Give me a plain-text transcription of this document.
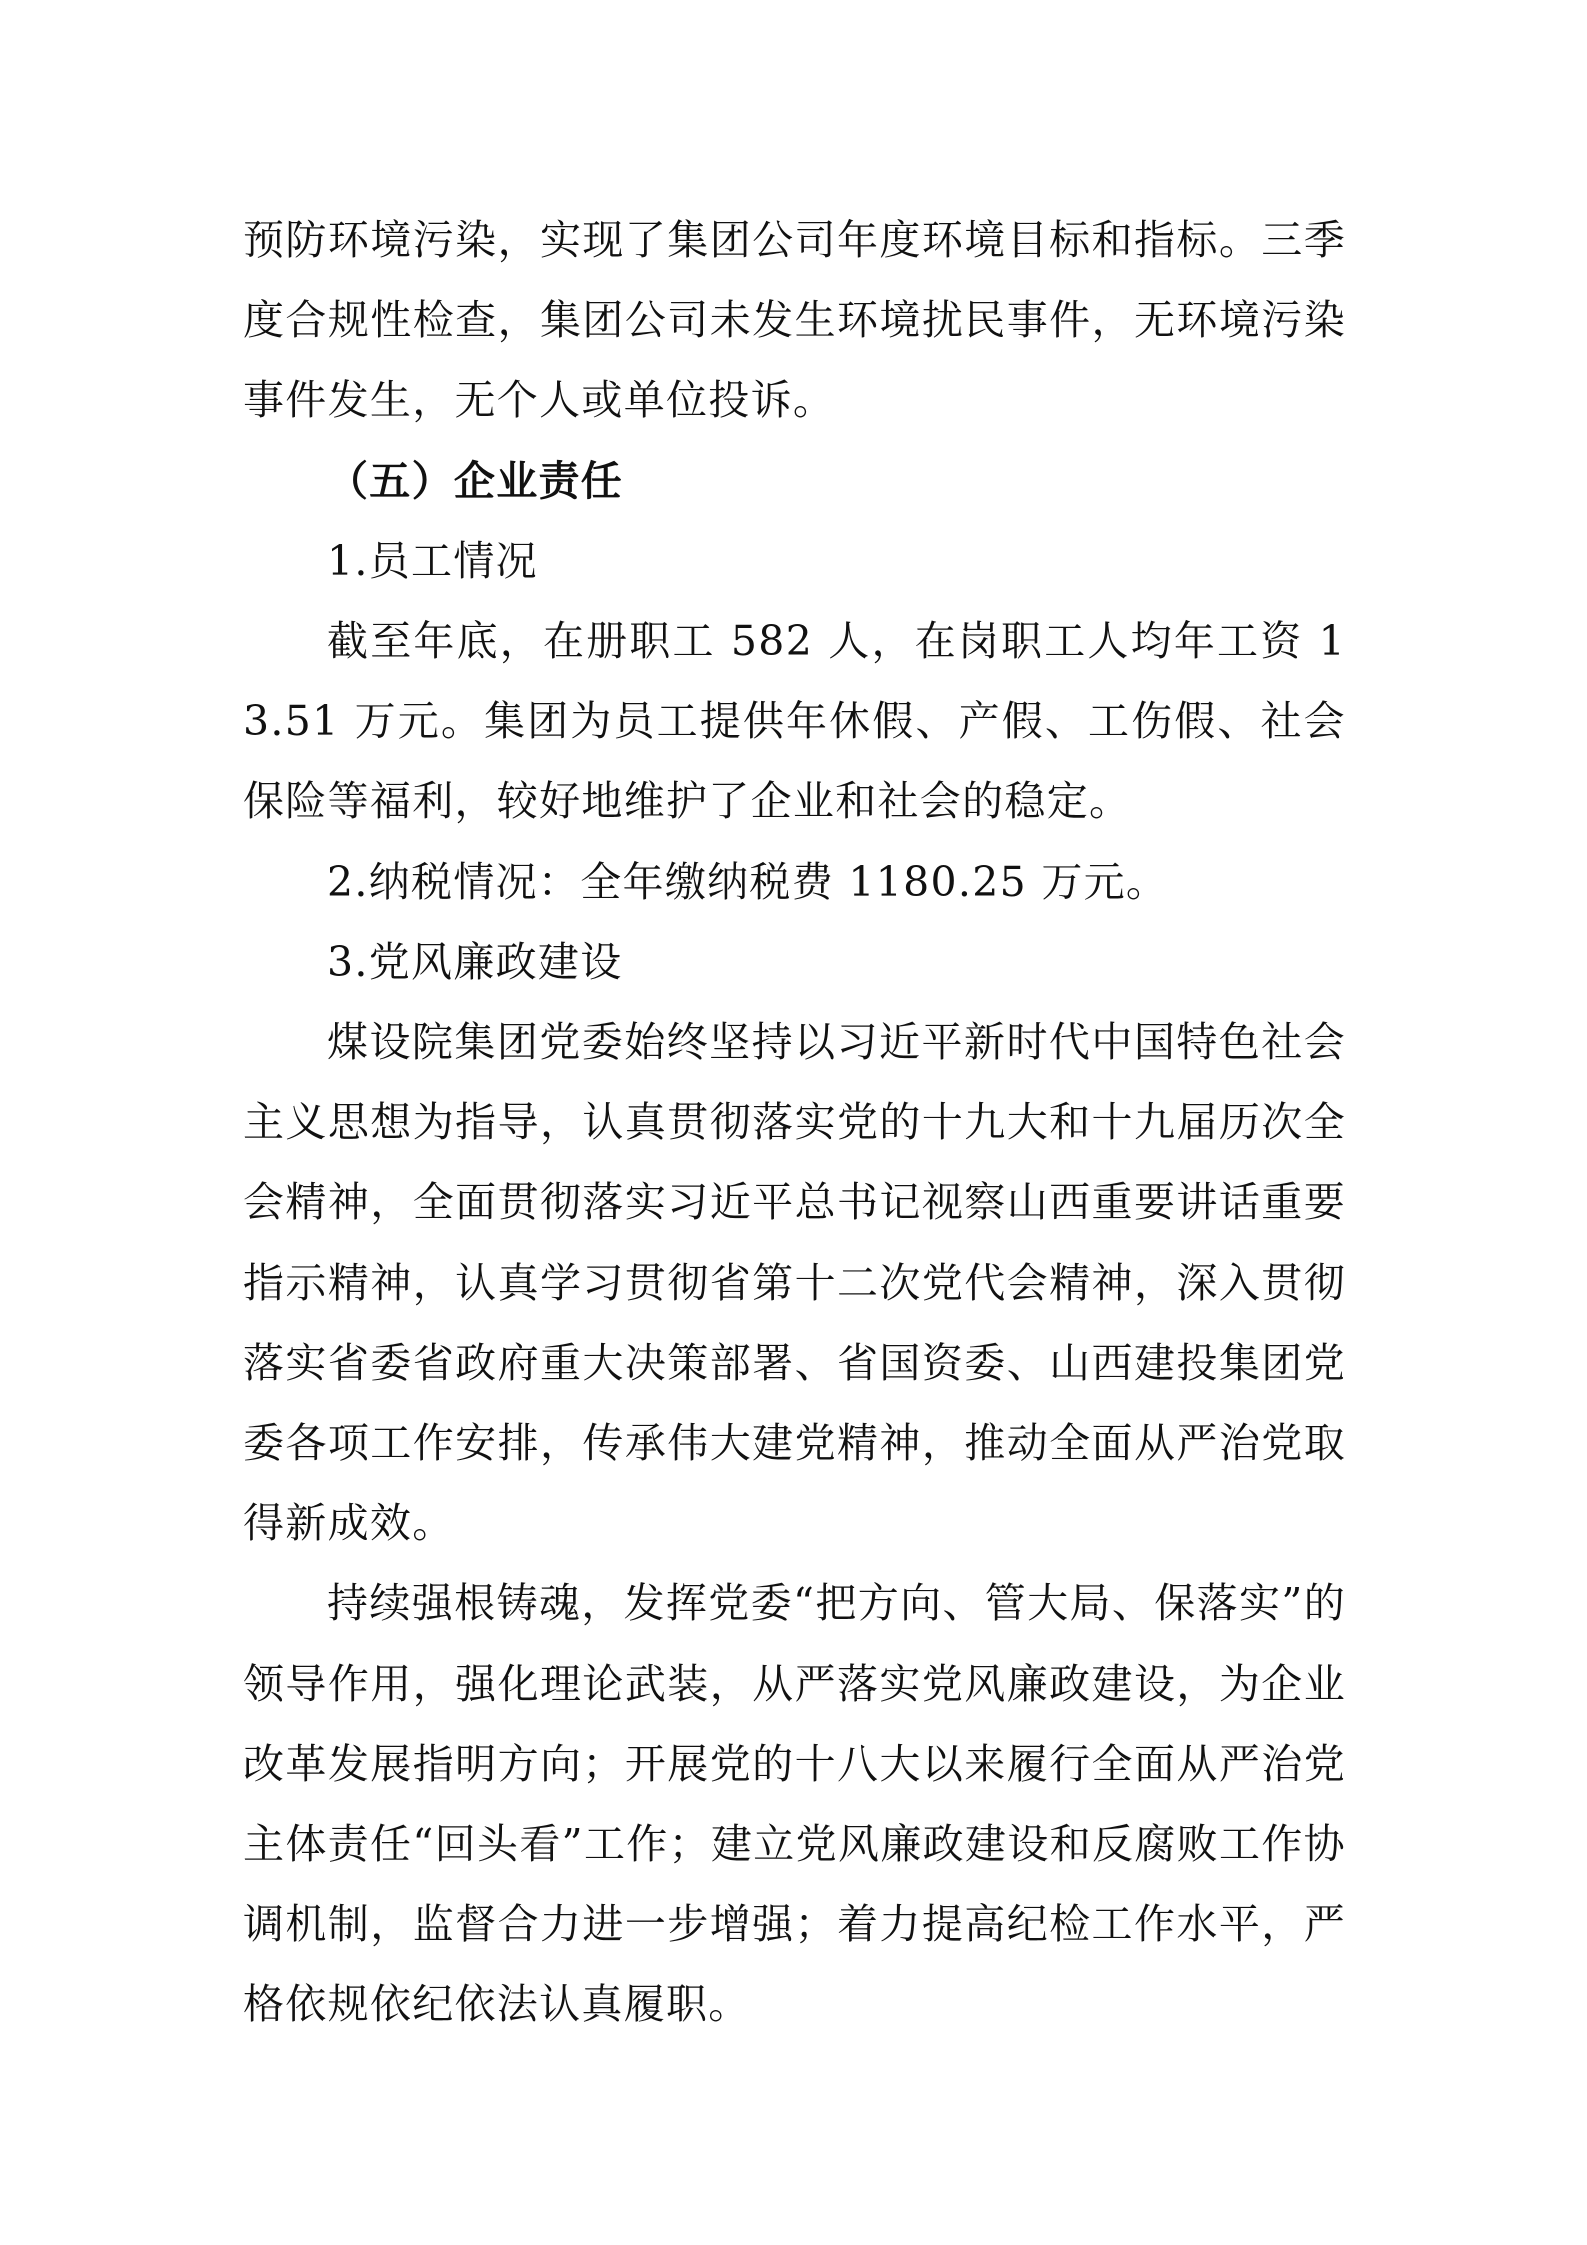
预防环境污染，实现了集团公司年度环境目标和指标。三季度合规性检查，集团公司未发生环境扰民事件，无环境污染事件发生，无个人或单位投诉。

（五）企业责任

1.员工情况

截至年底，在册职工 582 人，在岗职工人均年工资 13.51 万元。集团为员工提供年休假、产假、工伤假、社会保险等福利，较好地维护了企业和社会的稳定。

2.纳税情况：全年缴纳税费 1180.25 万元。

3.党风廉政建设

煤设院集团党委始终坚持以习近平新时代中国特色社会主义思想为指导，认真贯彻落实党的十九大和十九届历次全会精神，全面贯彻落实习近平总书记视察山西重要讲话重要指示精神，认真学习贯彻省第十二次党代会精神，深入贯彻落实省委省政府重大决策部署、省国资委、山西建投集团党委各项工作安排，传承伟大建党精神，推动全面从严治党取得新成效。

持续强根铸魂，发挥党委“把方向、管大局、保落实”的领导作用，强化理论武装，从严落实党风廉政建设，为企业改革发展指明方向；开展党的十八大以来履行全面从严治党主体责任“回头看”工作；建立党风廉政建设和反腐败工作协调机制，监督合力进一步增强；着力提高纪检工作水平，严格依规依纪依法认真履职。
